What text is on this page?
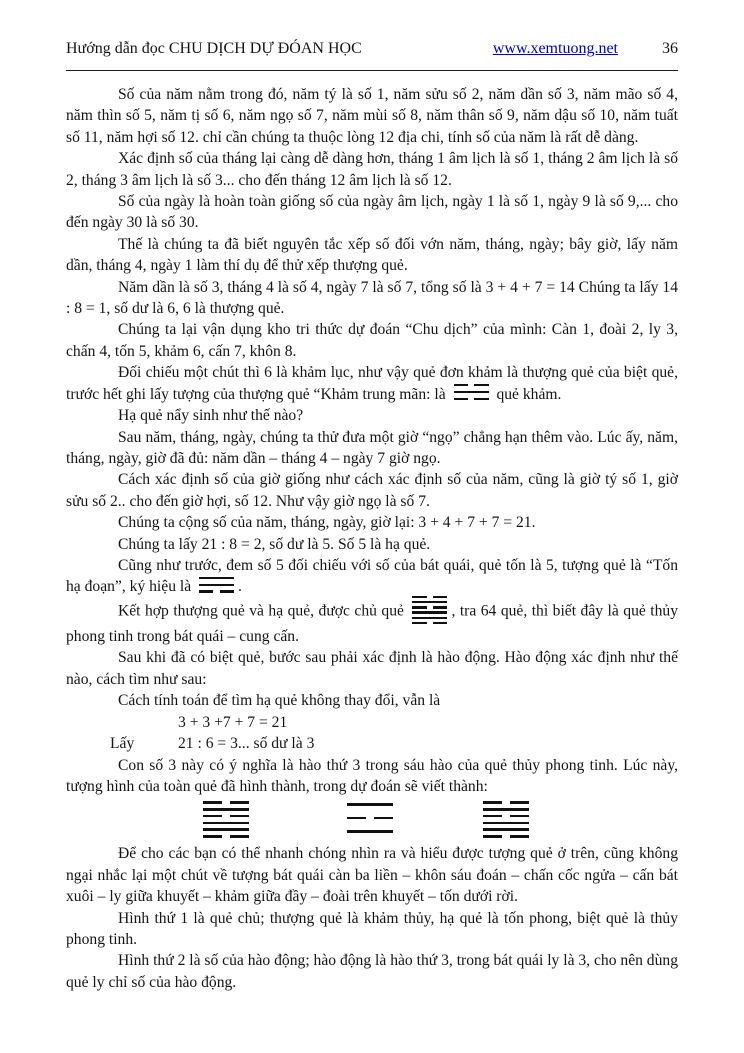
Hướng dẫn đọc CHU DỊCH DỰ ĐÓAN HỌC	www.xemtuong.net	36

Số của năm nằm trong đó, năm tý là số 1, năm sửu số 2, năm dần số 3, năm mão số 4, năm thìn số 5, năm tị số 6, năm ngọ số 7, năm mùi số 8, năm thân số 9, năm dậu số 10, năm tuất số 11, năm hợi số 12. chỉ cần chúng ta thuộc lòng 12 địa chi, tính số của năm là rất dễ dàng.

Xác định số của tháng lại càng dễ dàng hơn, tháng 1 âm lịch là số 1, tháng 2 âm lịch là số 2, tháng 3 âm lịch là số 3... cho đến tháng 12 âm lịch là số 12.

Số của ngày là hoàn toàn giống số của ngày âm lịch, ngày 1 là số 1, ngày 9 là số 9,... cho đến ngày 30 là số 30.

Thế là chúng ta đã biết nguyên tắc xếp số đối vớn năm, tháng, ngày; bây giờ, lấy năm dần, tháng 4, ngày 1 làm thí dụ để thử xếp thượng quẻ.

Năm dần là số 3, tháng 4 là số 4, ngày 7 là số 7, tổng số là 3 + 4 + 7 = 14 Chúng ta lấy 14 : 8 = 1, số dư là 6, 6 là thượng quẻ.

Chúng ta lại vận dụng kho tri thức dự đoán “Chu dịch” của mình: Càn 1, đoài 2, ly 3, chấn 4, tốn 5, khảm 6, cấn 7, khôn 8.

Đối chiếu một chút thì 6 là khảm lục, như vậy quẻ đơn khảm là thượng quẻ của biệt quẻ, trước hết ghi lấy tượng của thượng quẻ “Khảm trung mãn: là	quẻ khảm.

Hạ quẻ nẩy sinh như thế nào?

Sau năm, tháng, ngày, chúng ta thử đưa một giờ “ngọ” chẳng hạn thêm vào. Lúc ấy, năm, tháng, ngày, giờ đã đủ: năm dần – tháng 4 – ngày 7 giờ ngọ.

Cách xác định số của giờ giống như cách xác định số của năm, cũng là giờ tý số 1, giờ sửu số 2.. cho đến giờ hợi, số 12. Như vậy giờ ngọ là số 7.

Chúng ta cộng số của năm, tháng, ngày, giờ lại: 3 + 4 + 7 + 7 = 21.

Chúng ta lấy 21 : 8 = 2, số dư là 5. Số 5 là hạ quẻ.

Cũng như trước, đem số 5 đối chiếu với số của bát quái, quẻ tốn là 5, tượng quẻ là “Tốn hạ đoạn”, ký hiệu là	.

Kết hợp thượng quẻ và hạ quẻ, được chủ quẻ	, tra 64 quẻ, thì biết đây là quẻ thủy phong tinh trong bát quái – cung cấn.

Sau khi đã có biệt quẻ, bước sau phải xác định là hào động. Hào động xác định như thế nào, cách tìm như sau:

Cách tính toán để tìm hạ quẻ không thay đổi, vẫn là

3 + 3 +7 + 7 = 21

Lấy	21 : 6 = 3... số dư là 3

Con số 3 này có ý nghĩa là hào thứ 3 trong sáu hào của quẻ thủy phong tinh. Lúc này, tượng hình của toàn quẻ đã hình thành, trong dự đoán sẽ viết thành:

Để cho các bạn có thể nhanh chóng nhìn ra và hiểu được tượng quẻ ở trên, cũng không ngại nhắc lại một chút về tượng bát quái càn ba liền – khôn sáu đoán – chấn cốc ngửa – cấn bát xuôi – ly giữa khuyết – khảm giữa đầy – đoài trên khuyết – tốn dưới rời.

Hình thứ 1 là quẻ chủ; thượng quẻ là khảm thủy, hạ quẻ là tốn phong, biệt quẻ là thủy phong tinh.

Hình thứ 2 là số của hào động; hào động là hào thứ 3, trong bát quái ly là 3, cho nên dùng quẻ ly chỉ số của hào động.
